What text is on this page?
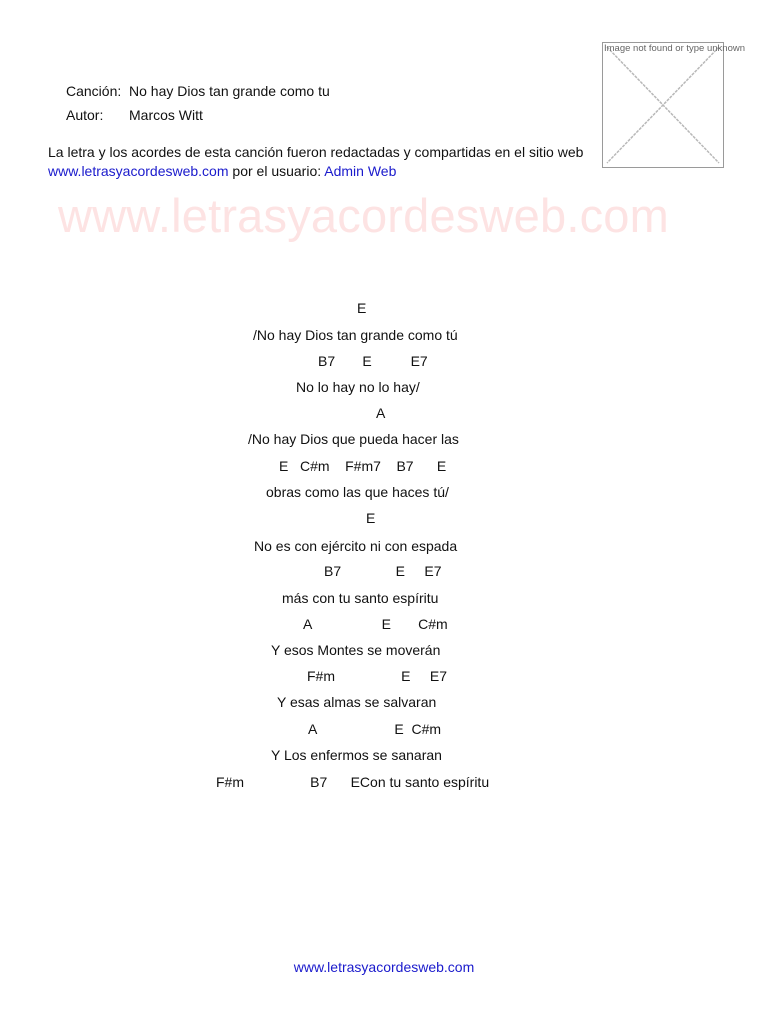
Canción: No hay Dios tan grande como tu
Autor: Marcos Witt
Image not found or type unknown
La letra y los acordes de esta canción fueron redactadas y compartidas en el sitio web
www.letrasyacordesweb.com por el usuario: Admin Web
www.letrasyacordesweb.com
E
/No hay Dios tan grande como tú
B7       E          E7
No lo hay no lo hay/
A
/No hay Dios que pueda hacer las
E   C#m    F#m7    B7      E
obras como las que haces tú/
E
No es con ejército ni con espada
B7              E     E7
más con tu santo espíritu
A                  E       C#m
Y esos Montes se moverán
F#m                 E     E7
Y esas almas se salvaran
A                    E  C#m
Y Los enfermos se sanaran
F#m                 B7      ECon tu santo espíritu
www.letrasyacordesweb.com
